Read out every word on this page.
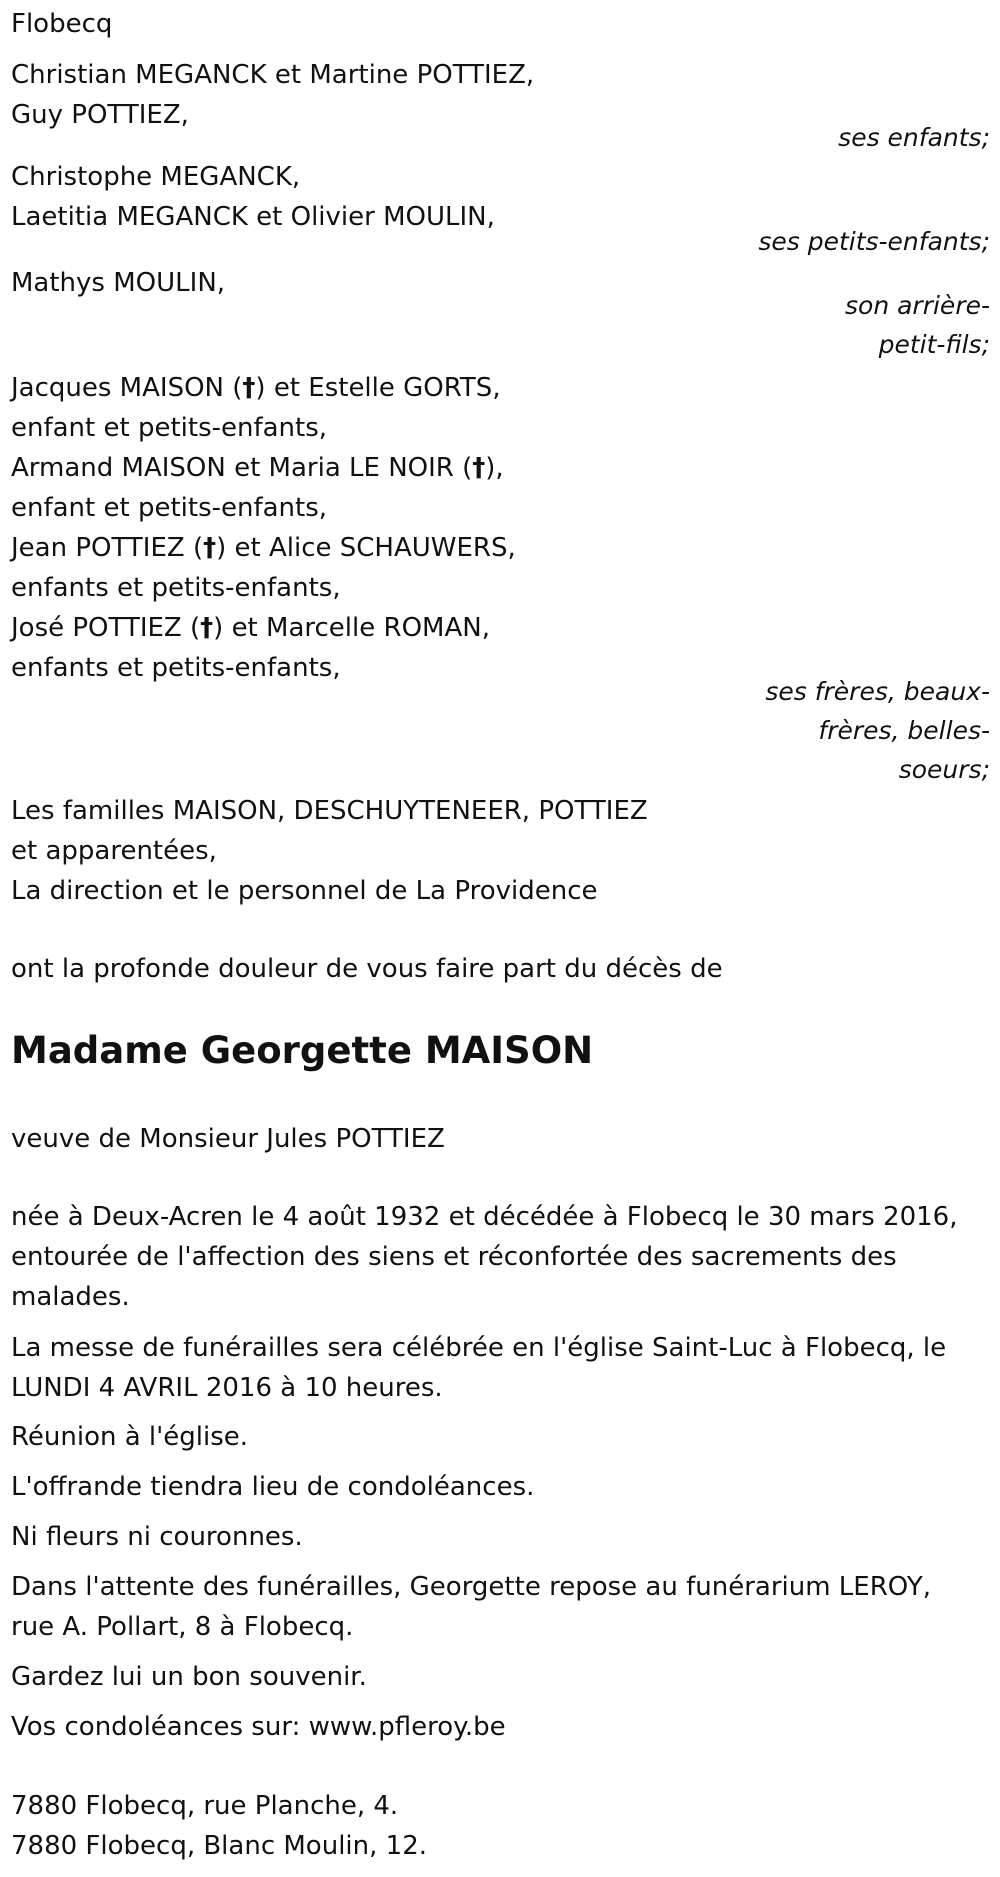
Flobecq
Christian MEGANCK et Martine POTTIEZ,
Guy POTTIEZ,
ses enfants;
Christophe MEGANCK,
Laetitia MEGANCK et Olivier MOULIN,
ses petits-enfants;
Mathys MOULIN,
son arrière-
petit-fils;
Jacques MAISON (†) et Estelle GORTS,
enfant et petits-enfants,
Armand MAISON et Maria LE NOIR (†),
enfant et petits-enfants,
Jean POTTIEZ (†) et Alice SCHAUWERS,
enfants et petits-enfants,
José POTTIEZ (†) et Marcelle ROMAN,
enfants et petits-enfants,
ses frères, beaux-
frères, belles-
soeurs;
Les familles MAISON, DESCHUYTENEER, POTTIEZ
et apparentées,
La direction et le personnel de La Providence
ont la profonde douleur de vous faire part du décès de
Madame Georgette MAISON
veuve de Monsieur Jules POTTIEZ
née à Deux-Acren le 4 août 1932 et décédée à Flobecq le 30 mars 2016,
entourée de l'affection des siens et réconfortée des sacrements des
malades.
La messe de funérailles sera célébrée en l'église Saint-Luc à Flobecq, le
LUNDI 4 AVRIL 2016 à 10 heures.
Réunion à l'église.
L'offrande tiendra lieu de condoléances.
Ni fleurs ni couronnes.
Dans l'attente des funérailles, Georgette repose au funérarium LEROY,
rue A. Pollart, 8 à Flobecq.
Gardez lui un bon souvenir.
Vos condoléances sur: www.pfleroy.be
7880 Flobecq, rue Planche, 4.
7880 Flobecq, Blanc Moulin, 12.
